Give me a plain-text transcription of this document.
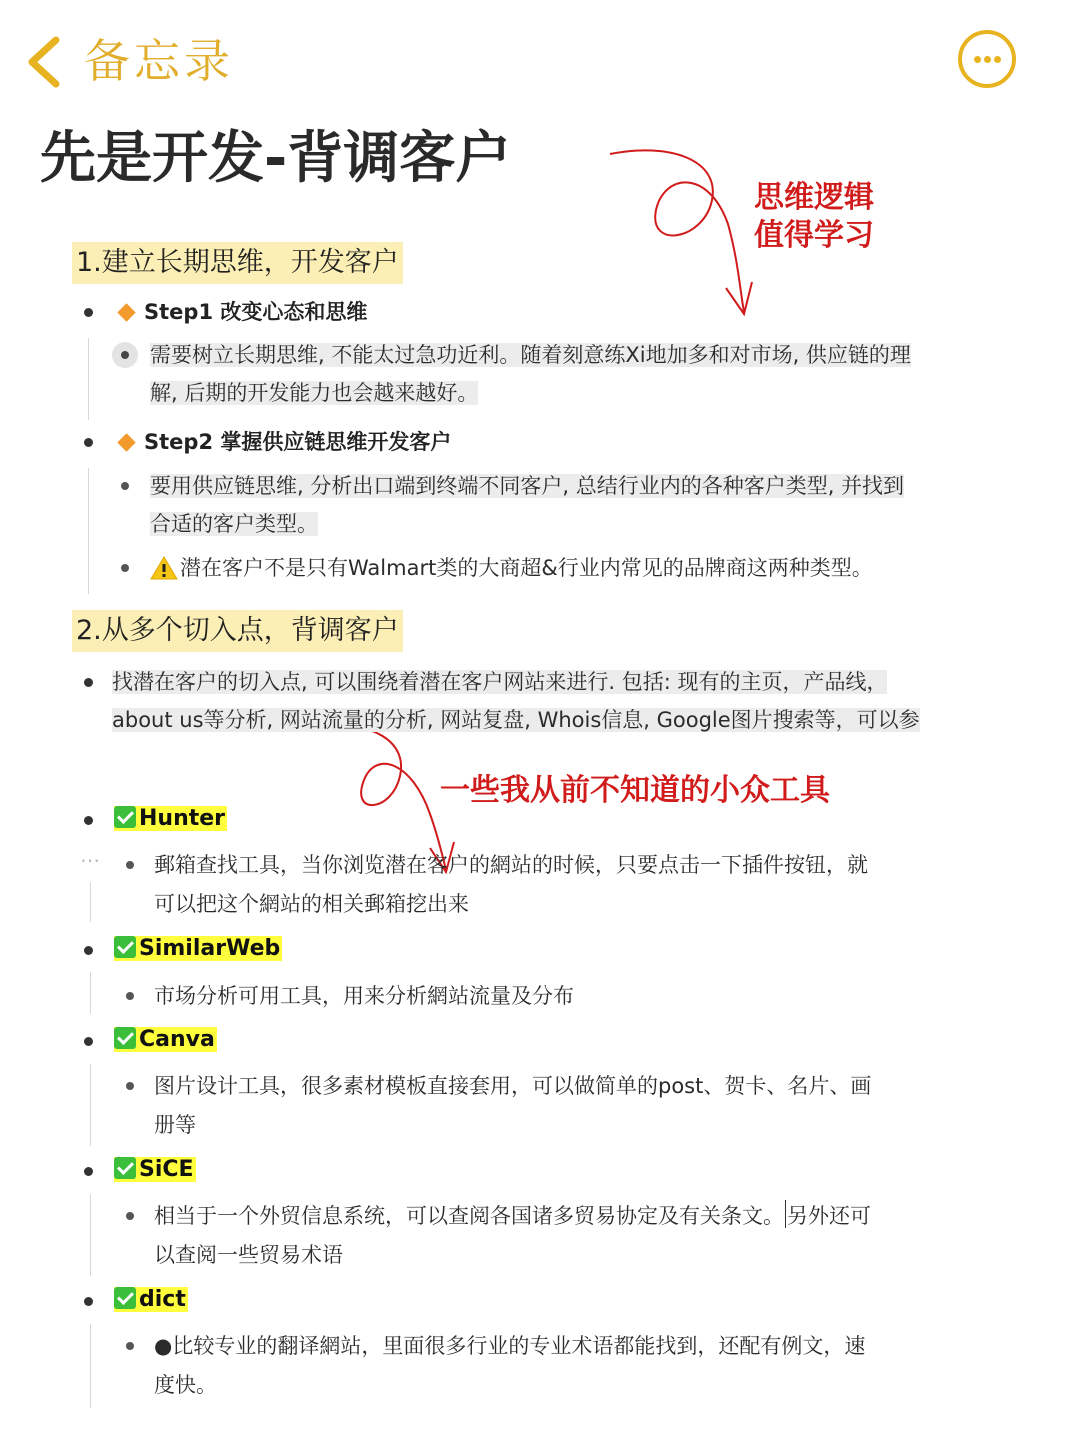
备忘录
先是开发-背调客户
思维逻辑
值得学习
一些我从前不知道的小众工具
1.建立长期思维，开发客户
Step1 改变心态和思维
需要树立长期思维, 不能太过急功近利。随着刻意练Xi地加多和对市场, 供应链的理
解, 后期的开发能力也会越来越好。
Step2 掌握供应链思维开发客户
要用供应链思维, 分析出口端到终端不同客户, 总结行业内的各种客户类型, 并找到
合适的客户类型。
潜在客户不是只有Walmart类的大商超&行业内常见的品牌商这两种类型。
2.从多个切入点，背调客户
找潜在客户的切入点, 可以围绕着潜在客户网站来进行. 包括: 现有的主页，产品线，
about us等分析, 网站流量的分析, 网站复盘, Whois信息, Google图片搜索等，可以参
Hunter
⋯	郵箱查找工具，当你浏览潜在客户的網站的时候，只要点击一下插件按钮，就
可以把这个網站的相关郵箱挖出来
SimilarWeb
市场分析可用工具，用来分析網站流量及分布
Canva
图片设计工具，很多素材模板直接套用，可以做简单的post、贺卡、名片、画
册等
SiCE
相当于一个外贸信息系统，可以查阅各国诸多贸易协定及有关条文。 另外还可
以查阅一些贸易术语
dict
●比较专业的翻译網站，里面很多行业的专业术语都能找到，还配有例文，速
度快。
